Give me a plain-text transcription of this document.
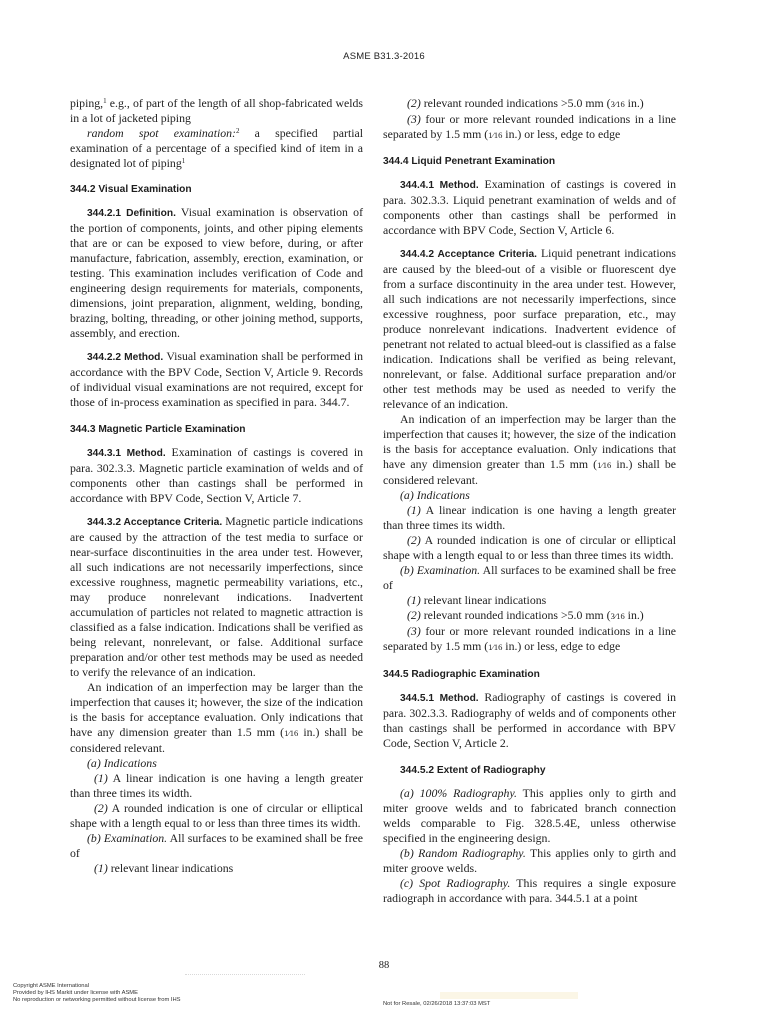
ASME B31.3-2016

piping,$^1$ e.g., of part of the length of all shop-fabricated welds in a lot of jacketed piping

random spot examination:$^2$ a specified partial examination of a percentage of a specified kind of item in a designated lot of piping$^1$

344.2 Visual Examination

344.2.1 Definition. Visual examination is observation of the portion of components, joints, and other piping elements that are or can be exposed to view before, during, or after manufacture, fabrication, assembly, erection, examination, or testing. This examination includes verification of Code and engineering design requirements for materials, components, dimensions, joint preparation, alignment, welding, bonding, brazing, bolting, threading, or other joining method, supports, assembly, and erection.

344.2.2 Method. Visual examination shall be performed in accordance with the BPV Code, Section V, Article 9. Records of individual visual examinations are not required, except for those of in-process examination as specified in para. 344.7.

344.3 Magnetic Particle Examination

344.3.1 Method. Examination of castings is covered in para. 302.3.3. Magnetic particle examination of welds and of components other than castings shall be performed in accordance with BPV Code, Section V, Article 7.

344.3.2 Acceptance Criteria. Magnetic particle indications are caused by the attraction of the test media to surface or near-surface discontinuities in the area under test. However, all such indications are not necessarily imperfections, since excessive roughness, magnetic permeability variations, etc., may produce nonrelevant indications. Inadvertent accumulation of particles not related to magnetic attraction is classified as a false indication. Indications shall be verified as being relevant, nonrelevant, or false. Additional surface preparation and/or other test methods may be used as needed to verify the relevance of an indication.

An indication of an imperfection may be larger than the imperfection that causes it; however, the size of the indication is the basis for acceptance evaluation. Only indications that have any dimension greater than 1.5 mm (1⁄16 in.) shall be considered relevant.

(a) Indications

(1) A linear indication is one having a length greater than three times its width.

(2) A rounded indication is one of circular or elliptical shape with a length equal to or less than three times its width.

(b) Examination. All surfaces to be examined shall be free of

(1) relevant linear indications

(2) relevant rounded indications >5.0 mm (3⁄16 in.)

(3) four or more relevant rounded indications in a line separated by 1.5 mm (1⁄16 in.) or less, edge to edge

344.4 Liquid Penetrant Examination

344.4.1 Method. Examination of castings is covered in para. 302.3.3. Liquid penetrant examination of welds and of components other than castings shall be performed in accordance with BPV Code, Section V, Article 6.

344.4.2 Acceptance Criteria. Liquid penetrant indications are caused by the bleed-out of a visible or fluorescent dye from a surface discontinuity in the area under test. However, all such indications are not necessarily imperfections, since excessive roughness, poor surface preparation, etc., may produce nonrelevant indications. Inadvertent evidence of penetrant not related to actual bleed-out is classified as a false indication. Indications shall be verified as being relevant, nonrelevant, or false. Additional surface preparation and/or other test methods may be used as needed to verify the relevance of an indication.

An indication of an imperfection may be larger than the imperfection that causes it; however, the size of the indication is the basis for acceptance evaluation. Only indications that have any dimension greater than 1.5 mm (1⁄16 in.) shall be considered relevant.

(a) Indications

(1) A linear indication is one having a length greater than three times its width.

(2) A rounded indication is one of circular or elliptical shape with a length equal to or less than three times its width.

(b) Examination. All surfaces to be examined shall be free of

(1) relevant linear indications

(2) relevant rounded indications >5.0 mm (3⁄16 in.)

(3) four or more relevant rounded indications in a line separated by 1.5 mm (1⁄16 in.) or less, edge to edge

344.5 Radiographic Examination

344.5.1 Method. Radiography of castings is covered in para. 302.3.3. Radiography of welds and of components other than castings shall be performed in accordance with BPV Code, Section V, Article 2.

344.5.2 Extent of Radiography

(a) 100% Radiography. This applies only to girth and miter groove welds and to fabricated branch connection welds comparable to Fig. 328.5.4E, unless otherwise specified in the engineering design.

(b) Random Radiography. This applies only to girth and miter groove welds.

(c) Spot Radiography. This requires a single exposure radiograph in accordance with para. 344.5.1 at a point

88
Copyright ASME International
Provided by IHS Markit under license with ASME
No reproduction or networking permitted without license from IHS
Not for Resale, 02/26/2018 13:37:03 MST
